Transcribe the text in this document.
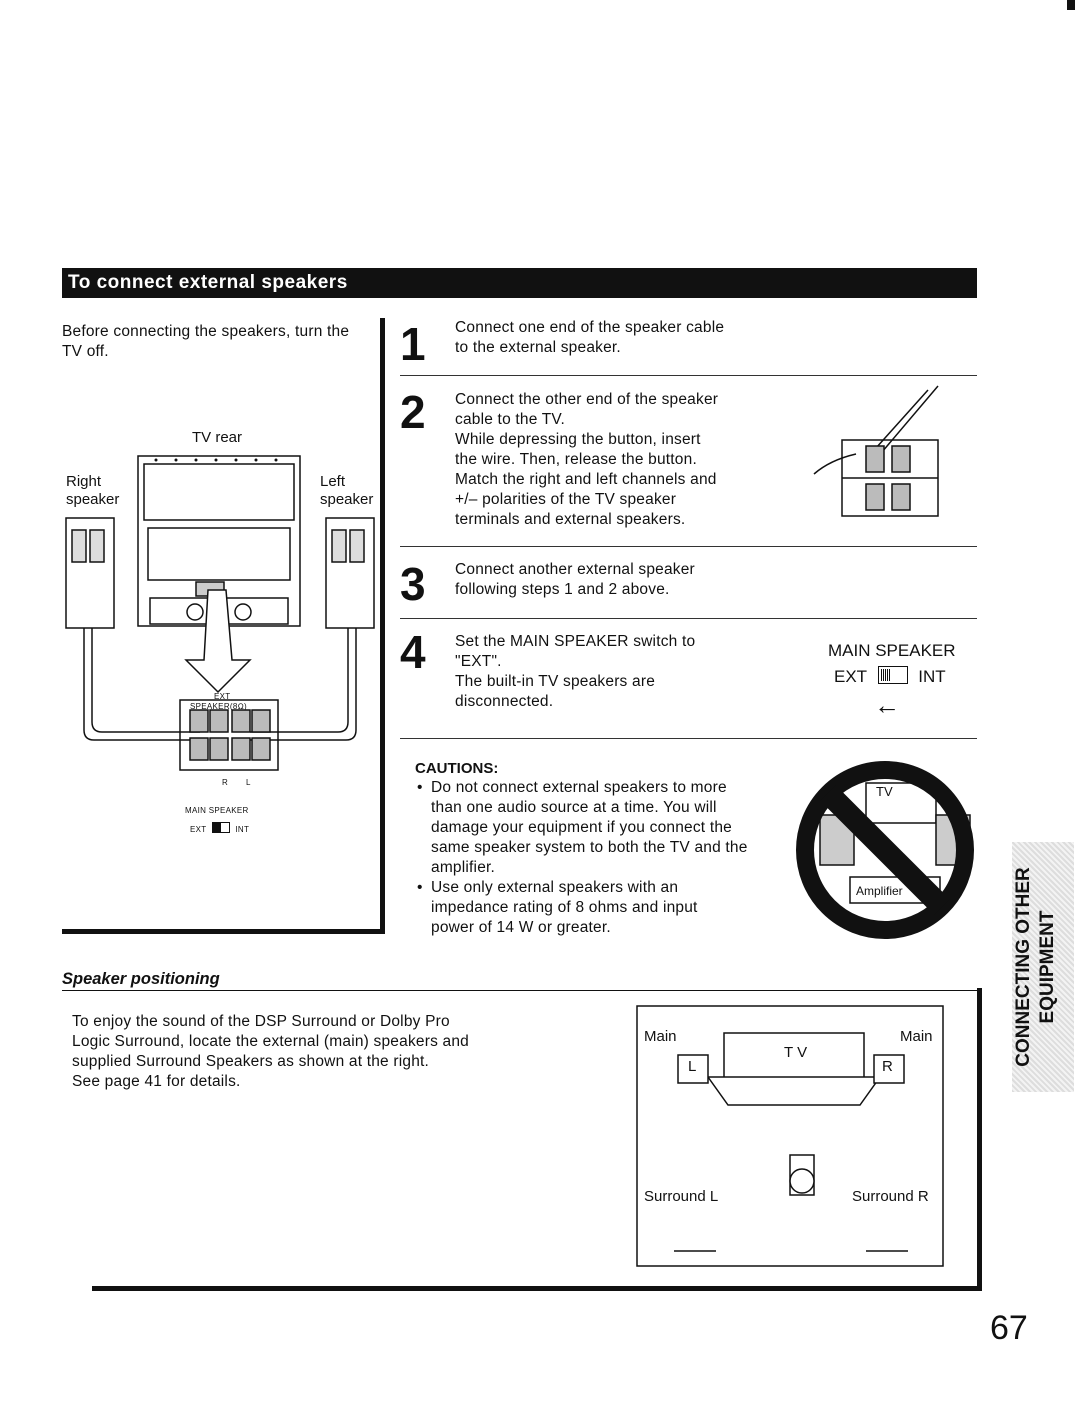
To connect external speakers
Before connecting the speakers, turn the
TV off.
TV rear
Right
speaker
Left
speaker
EXT
SPEAKER(8Ω)
R L
MAIN SPEAKER
EXT	INT
1 Connect one end of the speaker cable
to the external speaker.
2 Connect the other end of the speaker
cable to the TV.
While depressing the button, insert
the wire. Then, release the button.
Match the right and left channels and
+/– polarities of the TV speaker
terminals and external speakers.
3 Connect another external speaker
following steps 1 and 2 above.
4 Set the MAIN SPEAKER switch to
"EXT".
The built-in TV speakers are
disconnected.
MAIN SPEAKER
EXT	INT
←
CAUTIONS:
• Do not connect external speakers to more
than one audio source at a time. You will
damage your equipment if you connect the
same speaker system to both the TV and the
amplifier.
• Use only external speakers with an
impedance rating of 8 ohms and input
power of 14 W or greater.
TV
Amplifier
Speaker positioning
To enjoy the sound of the DSP Surround or Dolby Pro
Logic Surround, locate the external (main) speakers and
supplied Surround Speakers as shown at the right.
See page 41 for details.
Main	Main
TV
L	R
Surround L	Surround R
CONNECTING OTHER EQUIPMENT
67
